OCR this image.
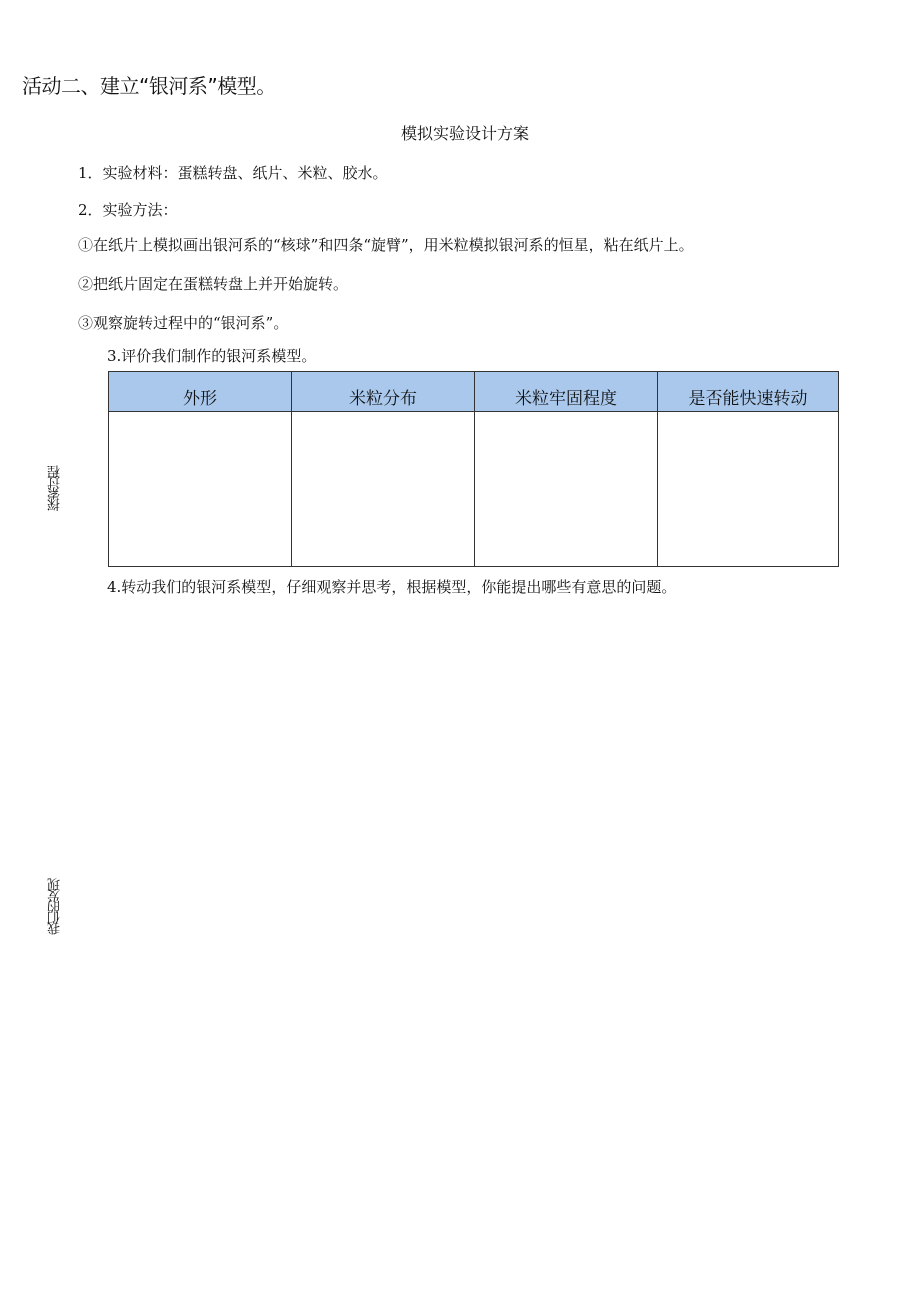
活动二、建立“银河系”模型。
模拟实验设计方案
1．实验材料：蛋糕转盘、纸片、米粒、胶水。
2．实验方法：
①在纸片上模拟画出银河系的“核球”和四条“旋臂”，用米粒模拟银河系的恒星，粘在纸片上。
②把纸片固定在蛋糕转盘上并开始旋转。
③观察旋转过程中的“银河系”。
3.评价我们制作的银河系模型。
外形	米粒分布	米粒牢固程度	是否能快速转动

探索过程
4.转动我们的银河系模型，仔细观察并思考，根据模型，你能提出哪些有意思的问题。
我们的发现
